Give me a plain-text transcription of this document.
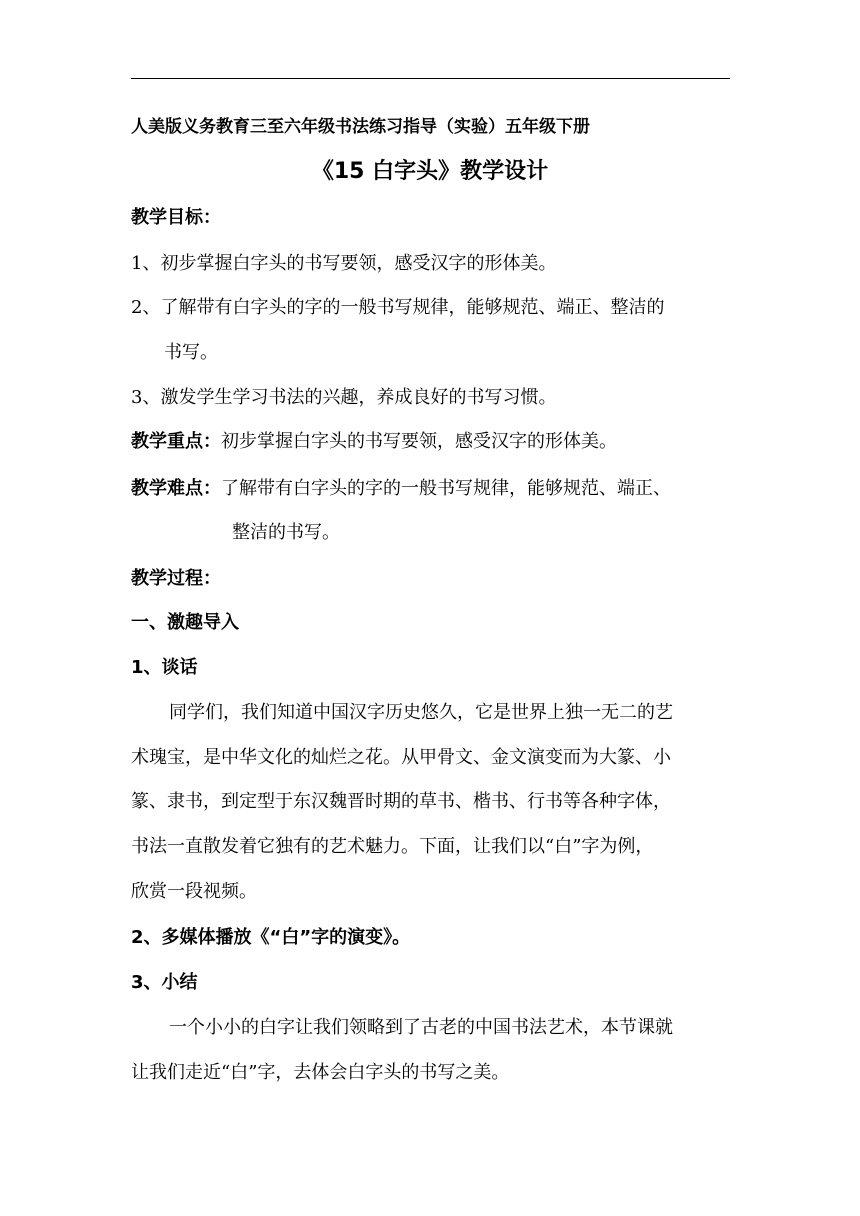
人美版义务教育三至六年级书法练习指导（实验）五年级下册
《15 白字头》教学设计
教学目标：
1、初步掌握白字头的书写要领，感受汉字的形体美。
2、了解带有白字头的字的一般书写规律，能够规范、端正、整洁的
书写。
3、激发学生学习书法的兴趣，养成良好的书写习惯。
教学重点：初步掌握白字头的书写要领，感受汉字的形体美。
教学难点：了解带有白字头的字的一般书写规律，能够规范、端正、
整洁的书写。
教学过程：
一、激趣导入
1、谈话
同学们，我们知道中国汉字历史悠久，它是世界上独一无二的艺
术瑰宝，是中华文化的灿烂之花。从甲骨文、金文演变而为大篆、小
篆、隶书，到定型于东汉魏晋时期的草书、楷书、行书等各种字体，
书法一直散发着它独有的艺术魅力。下面，让我们以“白”字为例，
欣赏一段视频。
2、多媒体播放《“白”字的演变》。
3、小结
一个小小的白字让我们领略到了古老的中国书法艺术，本节课就
让我们走近“白”字，去体会白字头的书写之美。
